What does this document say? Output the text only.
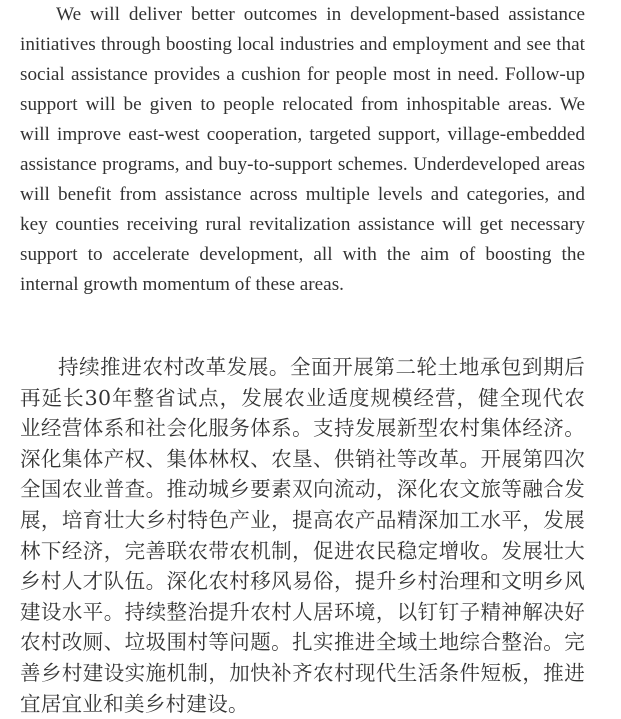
We will deliver better outcomes in development-based assistance initiatives through boosting local industries and employment and see that social assistance provides a cushion for people most in need. Follow-up support will be given to people relocated from inhospitable areas. We will improve east-west cooperation, targeted support, village-embedded assistance programs, and buy-to-support schemes. Underdeveloped areas will benefit from assistance across multiple levels and categories, and key counties receiving rural revitalization assistance will get necessary support to accelerate development, all with the aim of boosting the internal growth momentum of these areas.

持续推进农村改革发展。全面开展第二轮土地承包到期后再延长30年整省试点，发展农业适度规模经营，健全现代农业经营体系和社会化服务体系。支持发展新型农村集体经济。深化集体产权、集体林权、农垦、供销社等改革。开展第四次全国农业普查。推动城乡要素双向流动，深化农文旅等融合发展，培育壮大乡村特色产业，提高农产品精深加工水平，发展林下经济，完善联农带农机制，促进农民稳定增收。发展壮大乡村人才队伍。深化农村移风易俗，提升乡村治理和文明乡风建设水平。持续整治提升农村人居环境，以钉钉子精神解决好农村改厕、垃圾围村等问题。扎实推进全域土地综合整治。完善乡村建设实施机制，加快补齐农村现代生活条件短板，推进宜居宜业和美乡村建设。
